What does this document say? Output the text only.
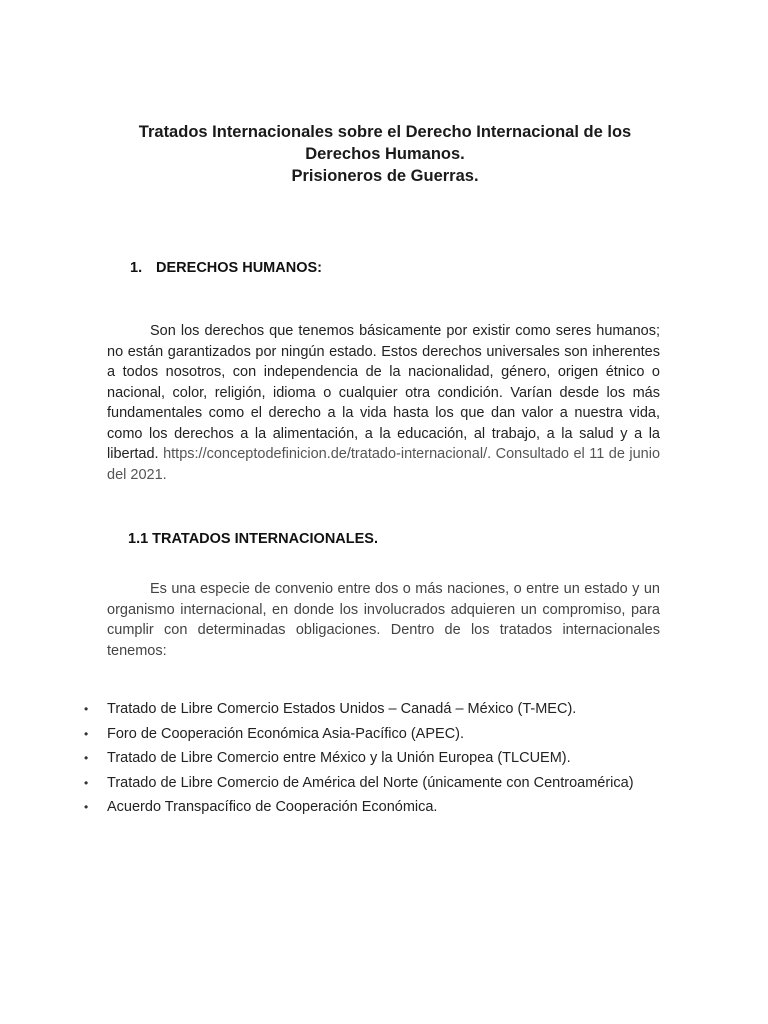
Tratados Internacionales sobre el Derecho Internacional de los
Derechos Humanos.
Prisioneros de Guerras.
1. DERECHOS HUMANOS:
Son los derechos que tenemos básicamente por existir como seres humanos; no están garantizados por ningún estado. Estos derechos universales son inherentes a todos nosotros, con independencia de la nacionalidad, género, origen étnico o nacional, color, religión, idioma o cualquier otra condición. Varían desde los más fundamentales como el derecho a la vida hasta los que dan valor a nuestra vida, como los derechos a la alimentación, a la educación, al trabajo, a la salud y a la libertad. https://conceptodefinicion.de/tratado-internacional/. Consultado el 11 de junio del 2021.
1.1 TRATADOS INTERNACIONALES.
Es una especie de convenio entre dos o más naciones, o entre un estado y un organismo internacional, en donde los involucrados adquieren un compromiso, para cumplir con determinadas obligaciones. Dentro de los tratados internacionales tenemos:
•	Tratado de Libre Comercio Estados Unidos – Canadá – México (T-MEC).
•	Foro de Cooperación Económica Asia-Pacífico (APEC).
•	Tratado de Libre Comercio entre México y la Unión Europea (TLCUEM).
•	Tratado de Libre Comercio de América del Norte (únicamente con Centroamérica)
•	Acuerdo Transpacífico de Cooperación Económica.
